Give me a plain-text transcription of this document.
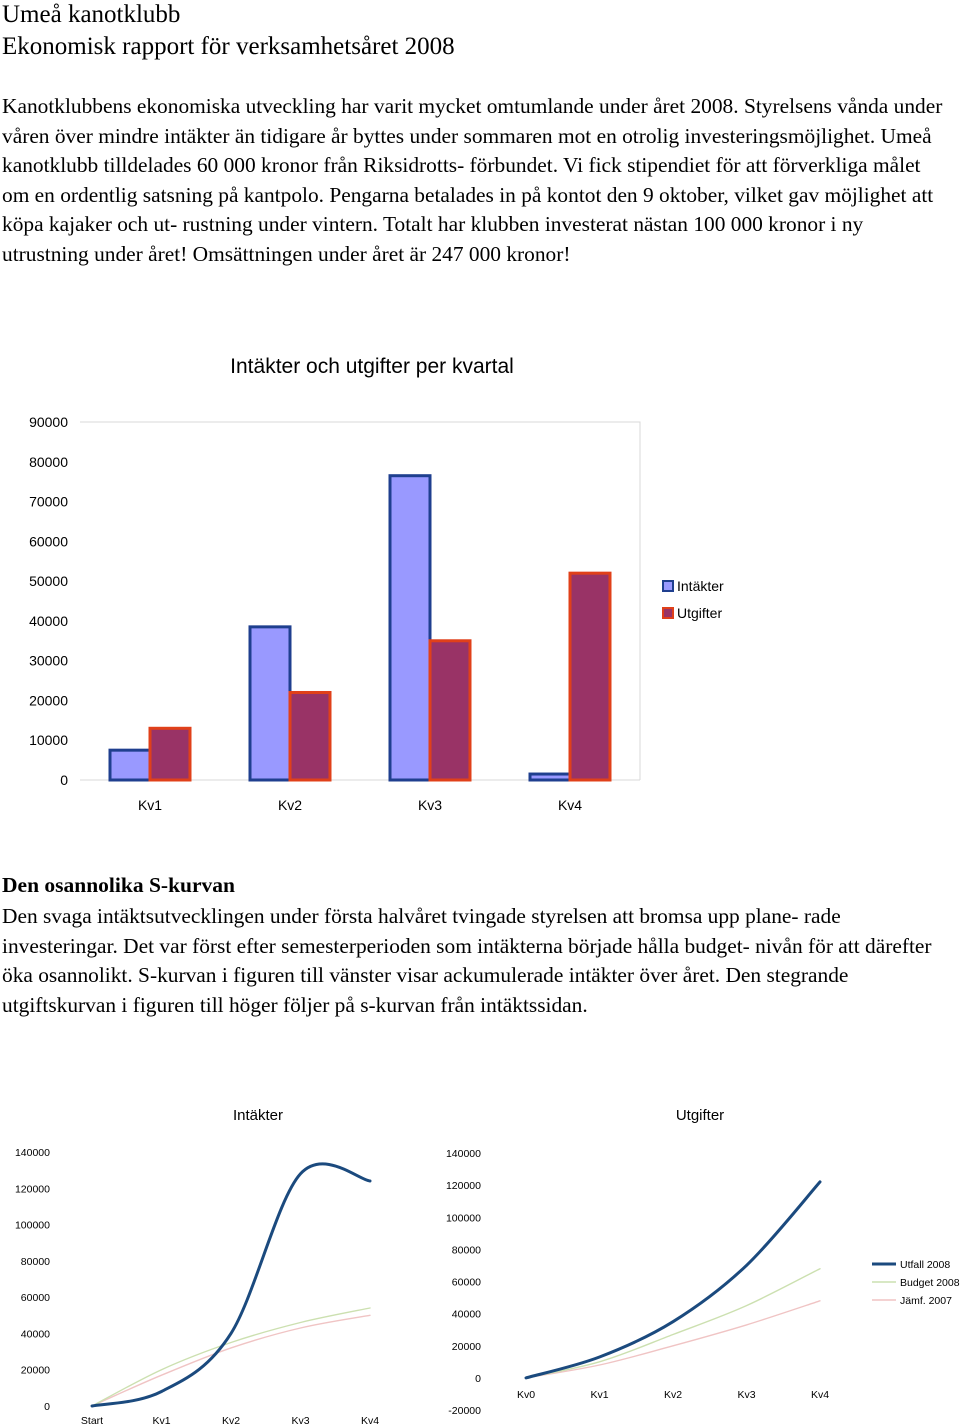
Umeå kanotklubb
Ekonomisk rapport för verksamhetsåret 2008

Kanotklubbens ekonomiska utveckling har varit mycket omtumlande under året 2008. Styrelsens vånda under våren över mindre intäkter än tidigare år byttes under sommaren mot en otrolig investeringsmöjlighet. Umeå kanotklubb tilldelades 60 000 kronor från Riksidrotts- förbundet. Vi fick stipendiet för att förverkliga målet om en ordentlig satsning på kantpolo. Pengarna betalades in på kontot den 9 oktober, vilket gav möjlighet att köpa kajaker och ut- rustning under vintern. Totalt har klubben investerat nästan 100 000 kronor i ny utrustning under året! Omsättningen under året är 247 000 kronor!

Den osannolika S-kurvan

Den svaga intäktsutvecklingen under första halvåret tvingade styrelsen att bromsa upp plane- rade investeringar. Det var först efter semesterperioden som intäkterna började hålla budget- nivån för att därefter öka osannolikt. S-kurvan i figuren till vänster visar ackumulerade intäkter över året. Den stegrande utgiftskurvan i figuren till höger följer på s-kurvan från intäktssidan.

Intäkter och utgifter per kvartal
0
10000
20000
30000
40000
50000
60000
70000
80000
90000
Kv1	Kv2	Kv3	Kv4
Intäkter
Utgifter
Intäkter
0
20000
40000
60000
80000
100000
120000
140000
Start	Kv1	Kv2	Kv3	Kv4
Utgifter
-20000
0
20000
40000
60000
80000
100000
120000
140000
Kv0	Kv1	Kv2	Kv3	Kv4
Utfall 2008
Budget 2008
Jämf. 2007
